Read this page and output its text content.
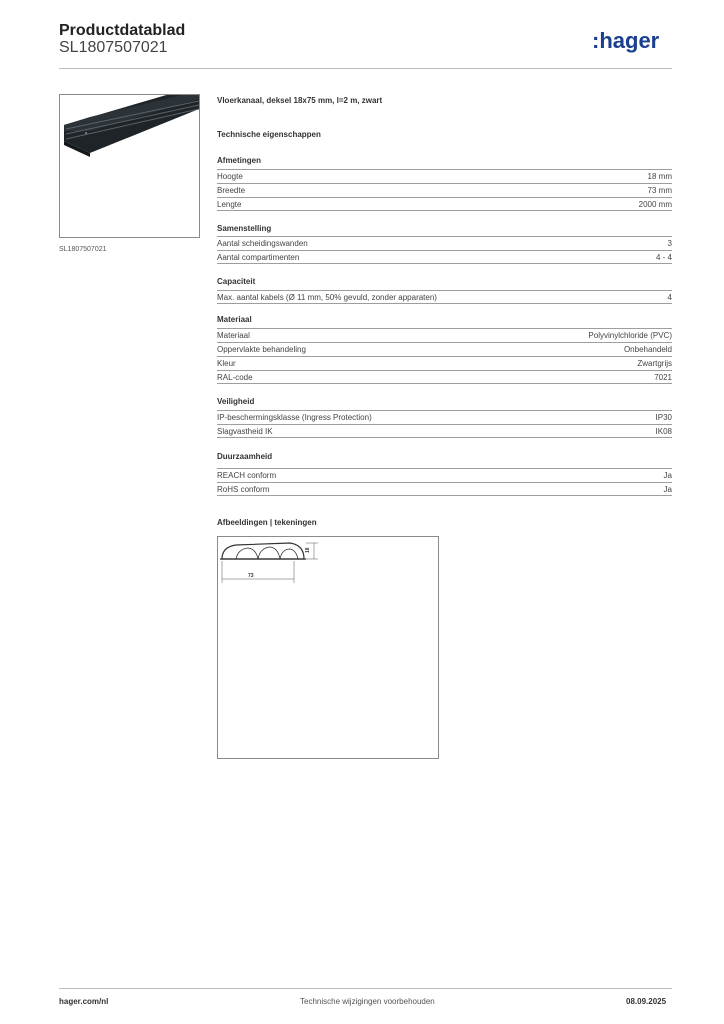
Productdatablad
SL1807507021	:hager
SL1807507021
Vloerkanaal, deksel 18x75 mm, l=2 m, zwart
Technische eigenschappen
Afmetingen
Hoogte	18 mm
Breedte	73 mm
Lengte	2000 mm
Samenstelling
Aantal scheidingswanden	3
Aantal compartimenten	4 - 4
Capaciteit
Max. aantal kabels (Ø 11 mm, 50% gevuld, zonder apparaten)	4
Materiaal
Materiaal	Polyvinylchloride (PVC)
Oppervlakte behandeling	Onbehandeld
Kleur	Zwartgrijs
RAL-code	7021
Veiligheid
IP-beschermingsklasse (Ingress Protection)	IP30
Slagvastheid IK	IK08
Duurzaamheid
REACH conform	Ja
RoHS conform	Ja
Afbeeldingen | tekeningen
18
73
hager.com/nl	Technische wijzigingen voorbehouden	08.09.2025
